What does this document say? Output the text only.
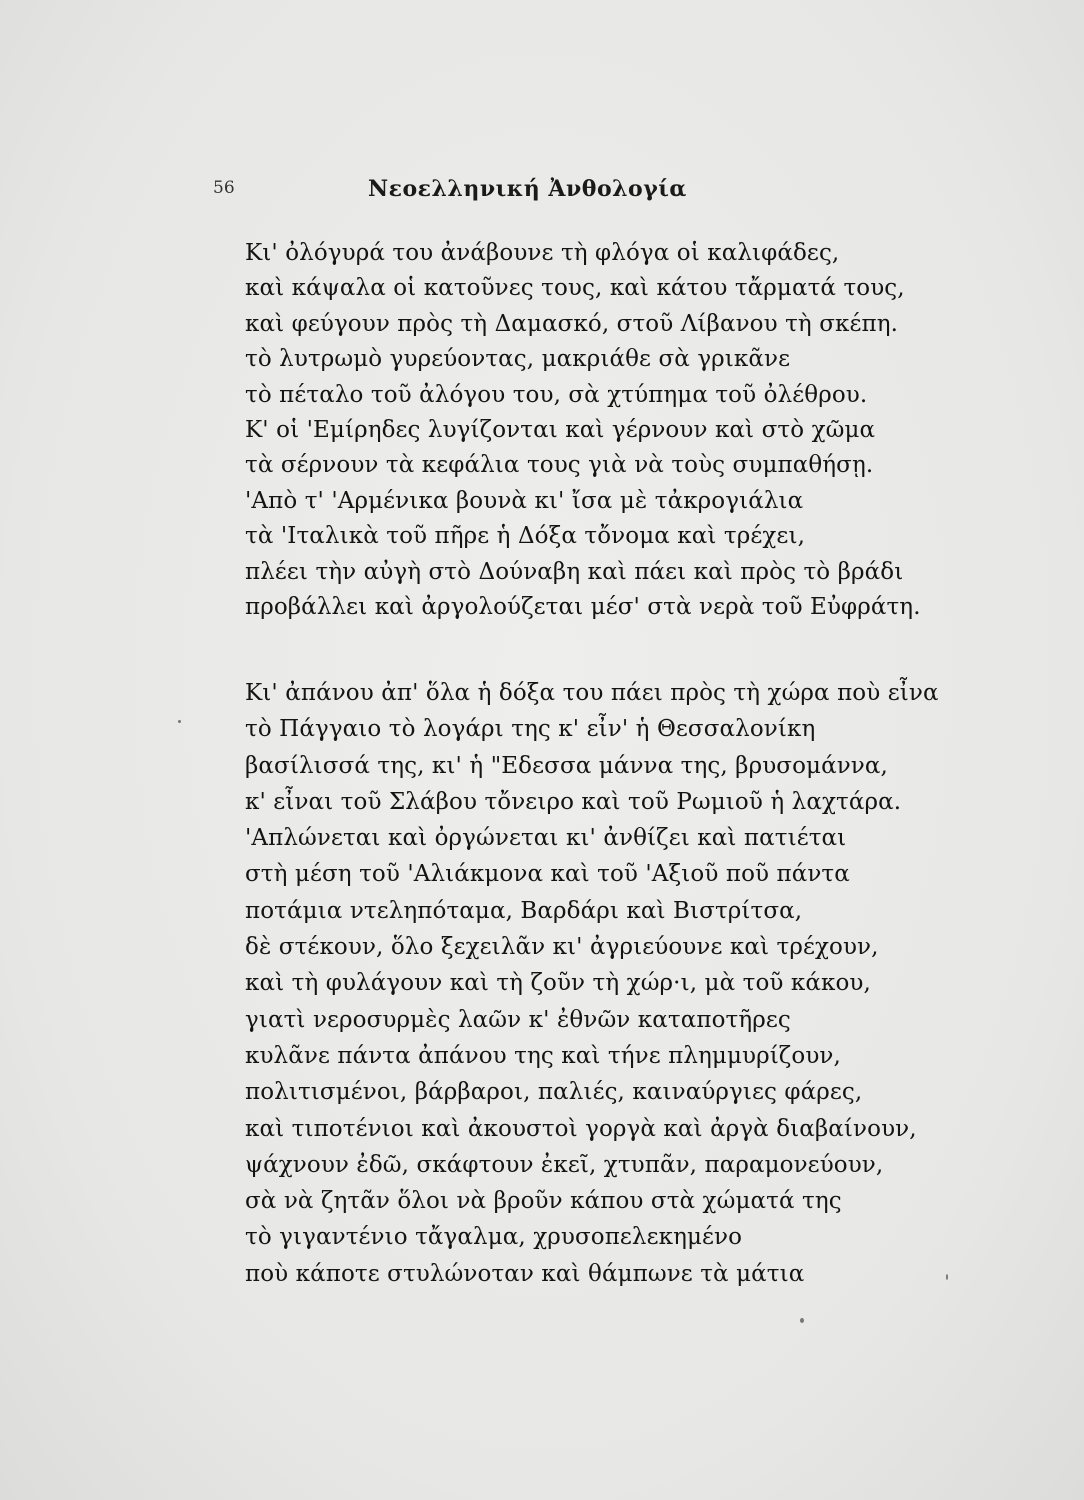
56	Νεοελληνική Ἀνθολογία
Κι' ὀλόγυρά του ἀνάβουνε τὴ φλόγα οἱ καλιφάδες,
καὶ κάψαλα οἱ κατοῦνες τους, καὶ κάτου τἄρματά τους,
καὶ φεύγουν πρὸς τὴ Δαμασκό, στοῦ Λίβανου τὴ σκέπη.
τὸ λυτρωμὸ γυρεύοντας, μακριάθε σὰ γρικᾶνε
τὸ πέταλο τοῦ ἀλόγου του, σὰ χτύπημα τοῦ ὀλέθρου.
Κ' οἱ 'Εμίρηδες λυγίζονται καὶ γέρνουν καὶ στὸ χῶμα
τὰ σέρνουν τὰ κεφάλια τους γιὰ νὰ τοὺς συμπαθήσῃ.
'Απὸ τ' 'Αρμένικα βουνὰ κι' ἴσα μὲ τἀκρογιάλια
τὰ 'Ιταλικὰ τοῦ πῆρε ἡ Δόξα τὄνομα καὶ τρέχει,
πλέει τὴν αὐγὴ στὸ Δούναβη καὶ πάει καὶ πρὸς τὸ βράδι
προβάλλει καὶ ἀργολούζεται μέσ' στὰ νερὰ τοῦ Εὐφράτη.
Κι' ἀπάνου ἀπ' ὅλα ἡ δόξα του πάει πρὸς τὴ χώρα ποὺ εἶνα
τὸ Πάγγαιο τὸ λογάρι της κ' εἶν' ἡ Θεσσαλονίκη
βασίλισσά της, κι' ἡ "Εδεσσα μάννα της, βρυσομάννα,
κ' εἶναι τοῦ Σλάβου τὄνειρο καὶ τοῦ Ρωμιοῦ ἡ λαχτάρα.
'Απλώνεται καὶ ὀργώνεται κι' ἀνθίζει καὶ πατιέται
στὴ μέση τοῦ 'Αλιάκμονα καὶ τοῦ 'Αξιοῦ ποῦ πάντα
ποτάμια ντεληπόταμα, Βαρδάρι καὶ Βιστρίτσα,
δὲ στέκουν, ὅλο ξεχειλᾶν κι' ἀγριεύουνε καὶ τρέχουν,
καὶ τὴ φυλάγουν καὶ τὴ ζοῦν τὴ χώρ·ι, μὰ τοῦ κάκου,
γιατὶ νεροσυρμὲς λαῶν κ' ἐθνῶν καταποτῆρες
κυλᾶνε πάντα ἀπάνου της καὶ τήνε πλημμυρίζουν,
πολιτισμένοι, βάρβαροι, παλιές, καιναύργιες φάρες,
καὶ τιποτένιοι καὶ ἀκουστοὶ γοργὰ καὶ ἀργὰ διαβαίνουν,
ψάχνουν ἐδῶ, σκάφτουν ἐκεῖ, χτυπᾶν, παραμονεύουν,
σὰ νὰ ζητᾶν ὅλοι νὰ βροῦν κάπου στὰ χώματά της
τὸ γιγαντένιο τἄγαλμα, χρυσοπελεκημένο
ποὺ κάποτε στυλώνοταν καὶ θάμπωνε τὰ μάτια
